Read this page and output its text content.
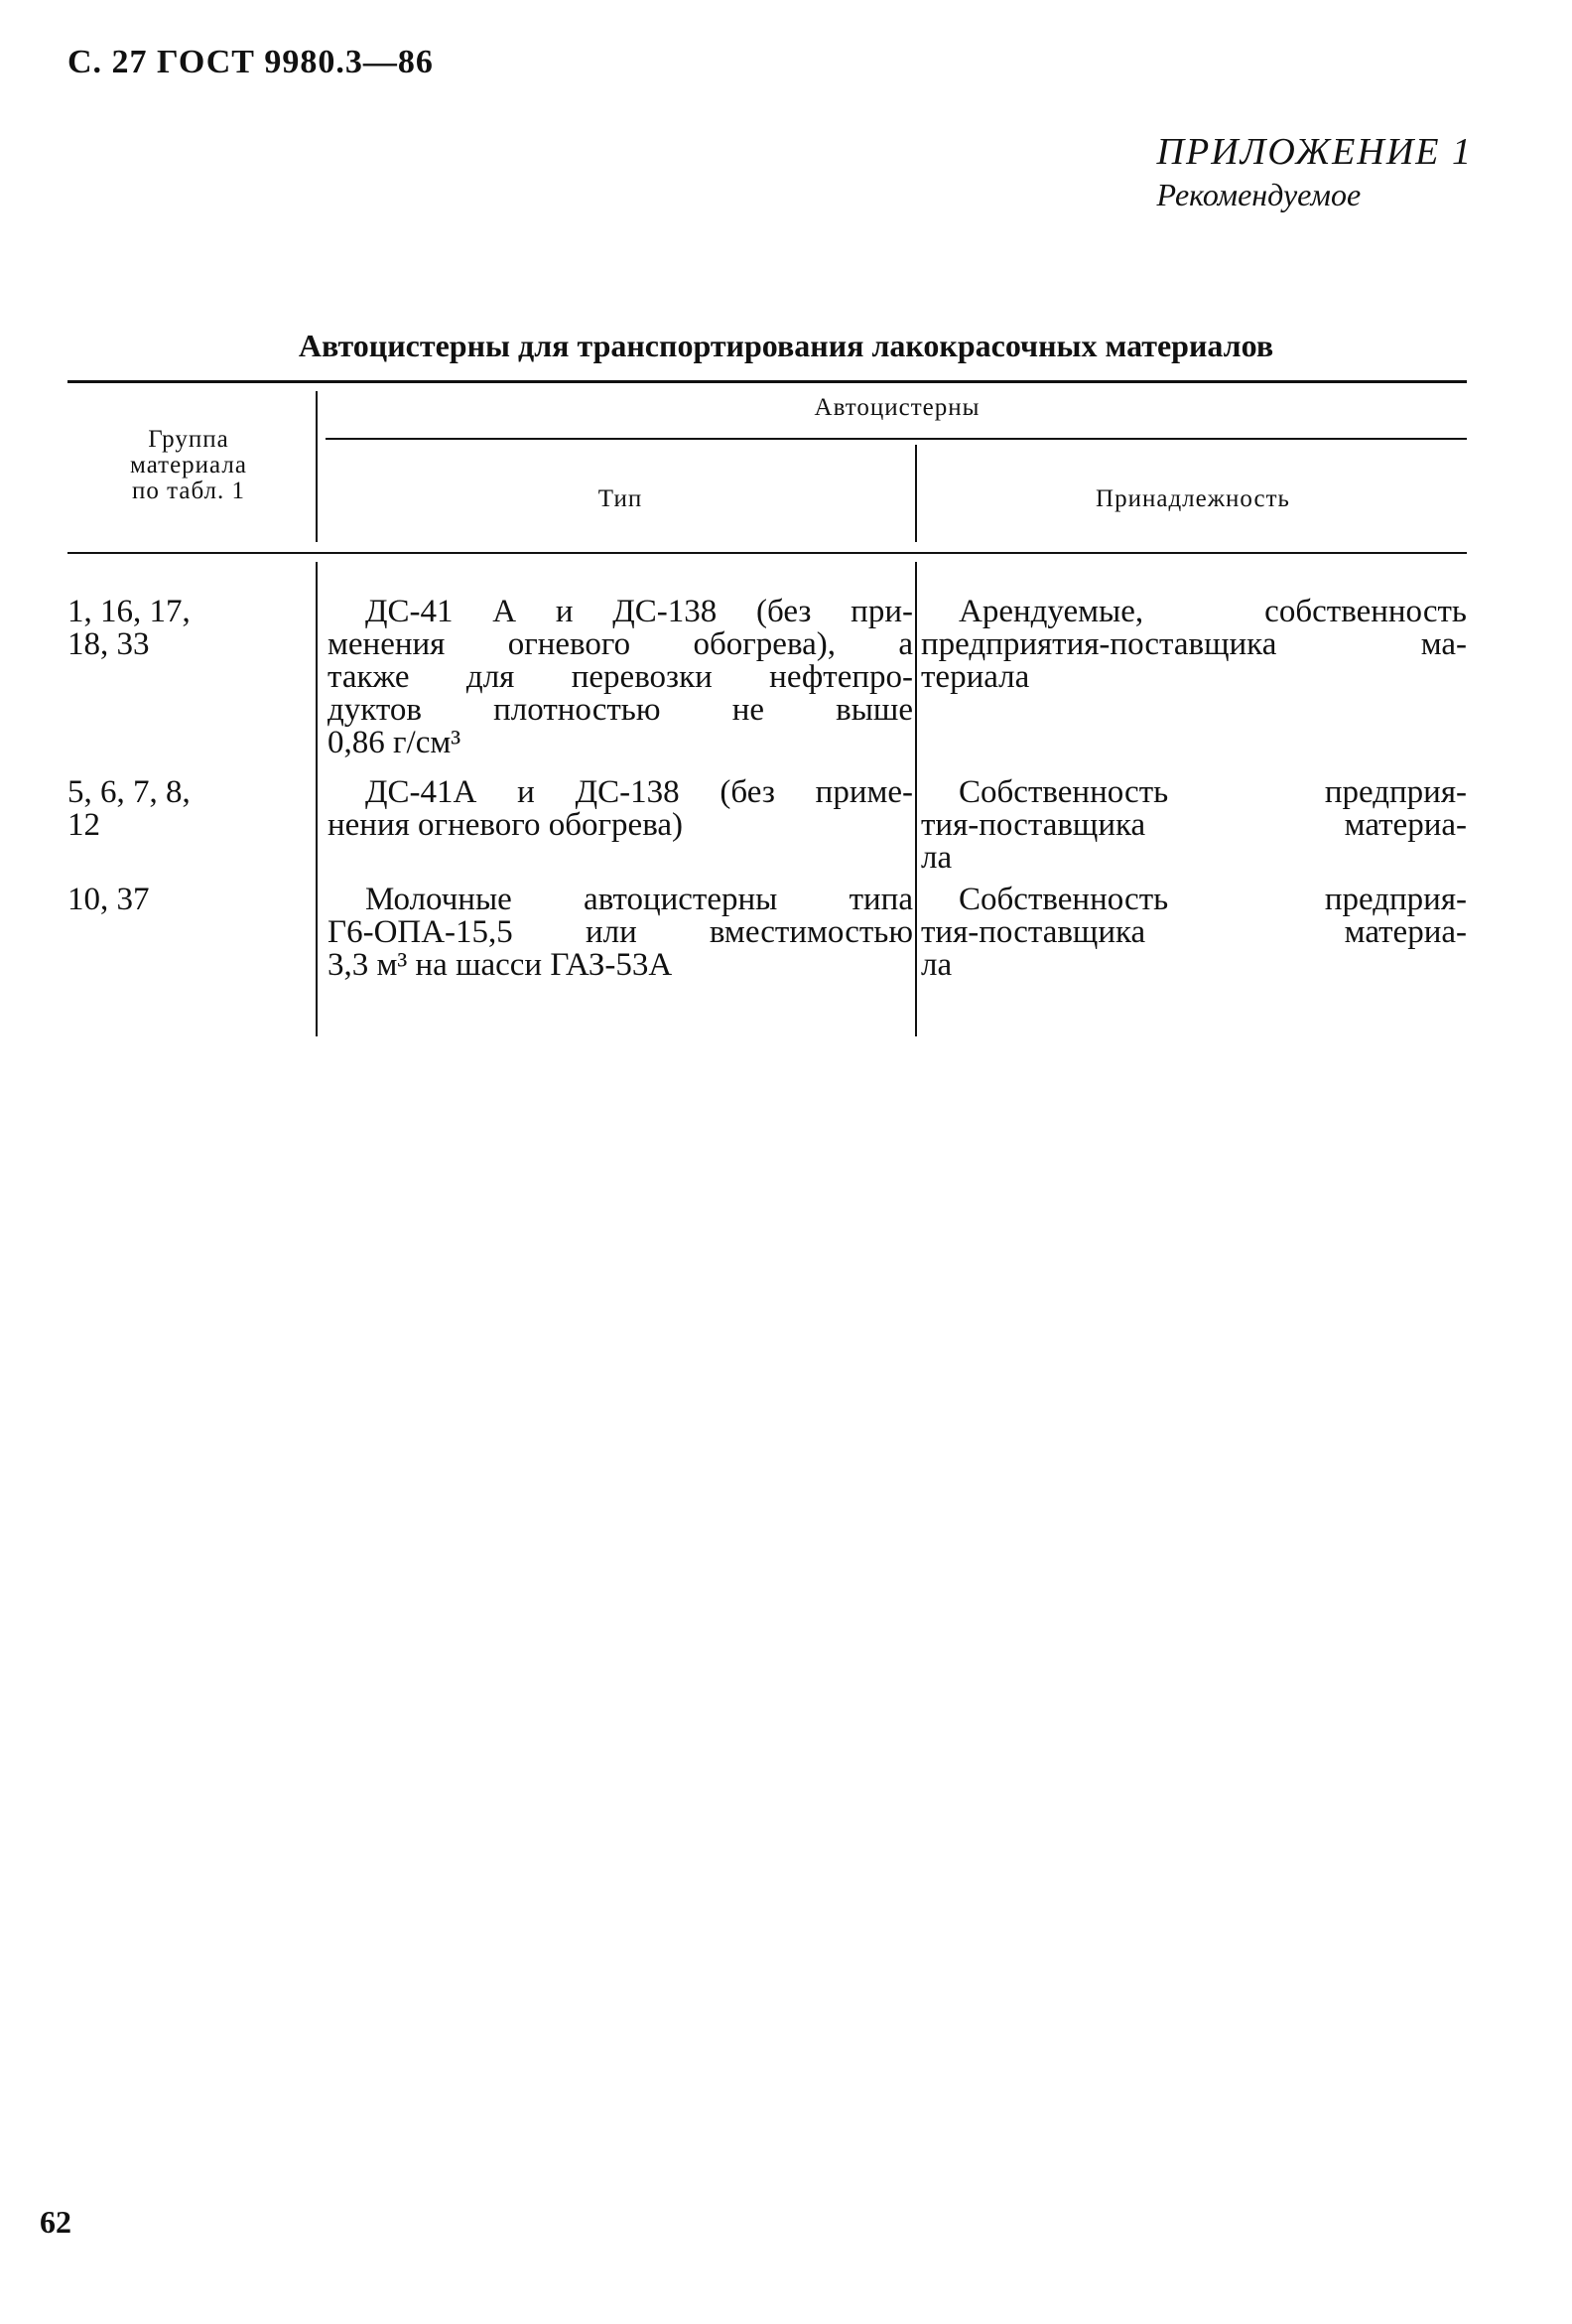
С. 27 ГОСТ 9980.3—86
ПРИЛОЖЕНИЕ 1
Рекомендуемое
Автоцистерны для транспортирования лакокрасочных материалов
Группа
материала
по табл. 1
Автоцистерны
Тип	Принадлежность
1, 16, 17,
18, 33
ДС-41 А и ДС-138 (без при-
менения огневого обогрева), а
также для перевозки нефтепро-
дуктов плотностью не выше
0,86 г/см³
Арендуемые, собственность
предприятия-поставщика ма-
териала
5, 6, 7, 8,
12
ДС-41А и ДС-138 (без приме-
нения огневого обогрева)
Собственность предприя-
тия-поставщика материа-
ла
10, 37	Молочные автоцистерны типа
Г6-ОПА-15,5 или вместимостью
3,3 м³ на шасси ГАЗ-53А
Собственность предприя-
тия-поставщика материа-
ла
62
